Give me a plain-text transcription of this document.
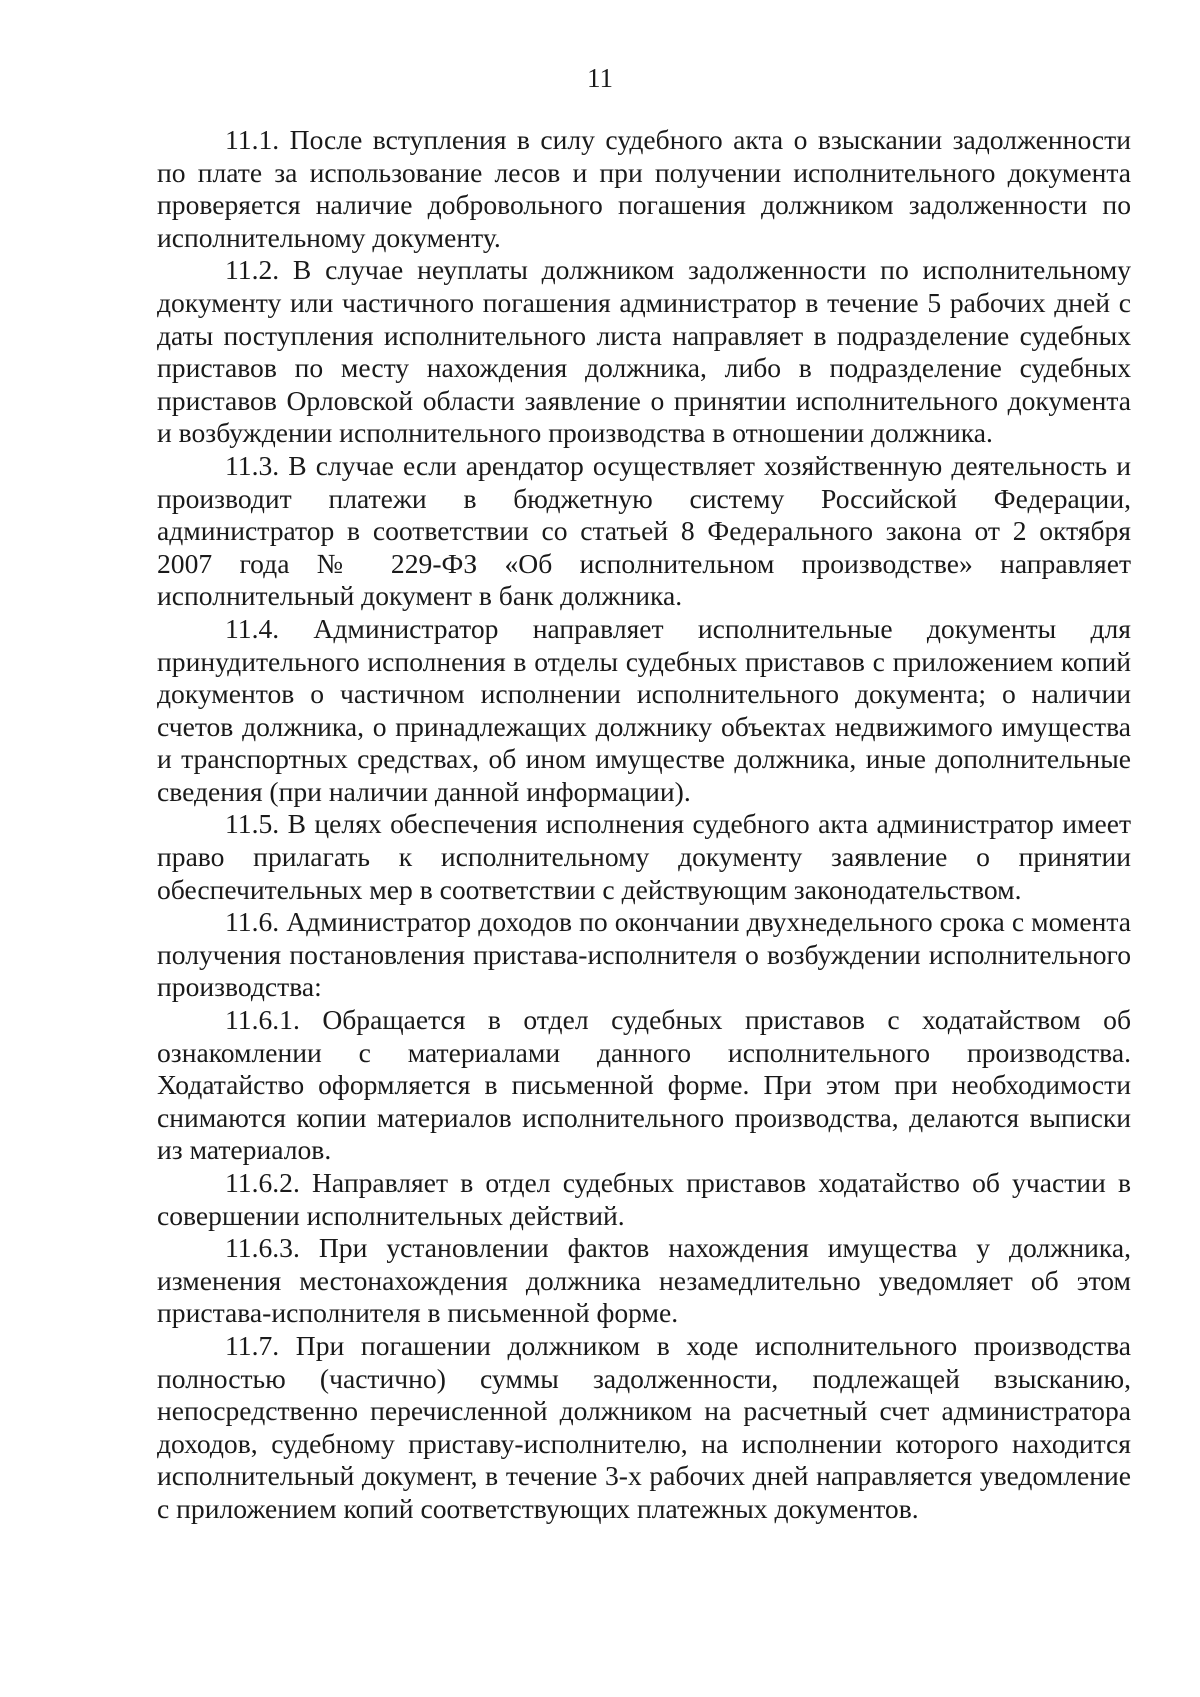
11

11.1. После вступления в силу судебного акта о взыскании задолженности по плате за использование лесов и при получении исполнительного документа проверяется наличие добровольного погашения должником задолженности по исполнительному документу.

11.2. В случае неуплаты должником задолженности по исполнительному документу или частичного погашения администратор в течение 5 рабочих дней с даты поступления исполнительного листа направляет в подразделение судебных приставов по месту нахождения должника, либо в подразделение судебных приставов Орловской области заявление о принятии исполнительного документа и возбуждении исполнительного производства в отношении должника.

11.3. В случае если арендатор осуществляет хозяйственную деятельность и производит платежи в бюджетную систему Российской Федерации, администратор в соответствии со статьей 8 Федерального закона от 2 октября 2007 года № 229-ФЗ «Об исполнительном производстве» направляет исполнительный документ в банк должника.

11.4. Администратор направляет исполнительные документы для принудительного исполнения в отделы судебных приставов с приложением копий документов о частичном исполнении исполнительного документа; о наличии счетов должника, о принадлежащих должнику объектах недвижимого имущества и транспортных средствах, об ином имуществе должника, иные дополнительные сведения (при наличии данной информации).

11.5. В целях обеспечения исполнения судебного акта администратор имеет право прилагать к исполнительному документу заявление о принятии обеспечительных мер в соответствии с действующим законодательством.

11.6. Администратор доходов по окончании двухнедельного срока с момента получения постановления пристава-исполнителя о возбуждении исполнительного производства:

11.6.1. Обращается в отдел судебных приставов с ходатайством об ознакомлении с материалами данного исполнительного производства. Ходатайство оформляется в письменной форме. При этом при необходимости снимаются копии материалов исполнительного производства, делаются выписки из материалов.

11.6.2. Направляет в отдел судебных приставов ходатайство об участии в совершении исполнительных действий.

11.6.3. При установлении фактов нахождения имущества у должника, изменения местонахождения должника незамедлительно уведомляет об этом пристава-исполнителя в письменной форме.

11.7. При погашении должником в ходе исполнительного производства полностью (частично) суммы задолженности, подлежащей взысканию, непосредственно перечисленной должником на расчетный счет администратора доходов, судебному приставу-исполнителю, на исполнении которого находится исполнительный документ, в течение 3-х рабочих дней направляется уведомление с приложением копий соответствующих платежных документов.
